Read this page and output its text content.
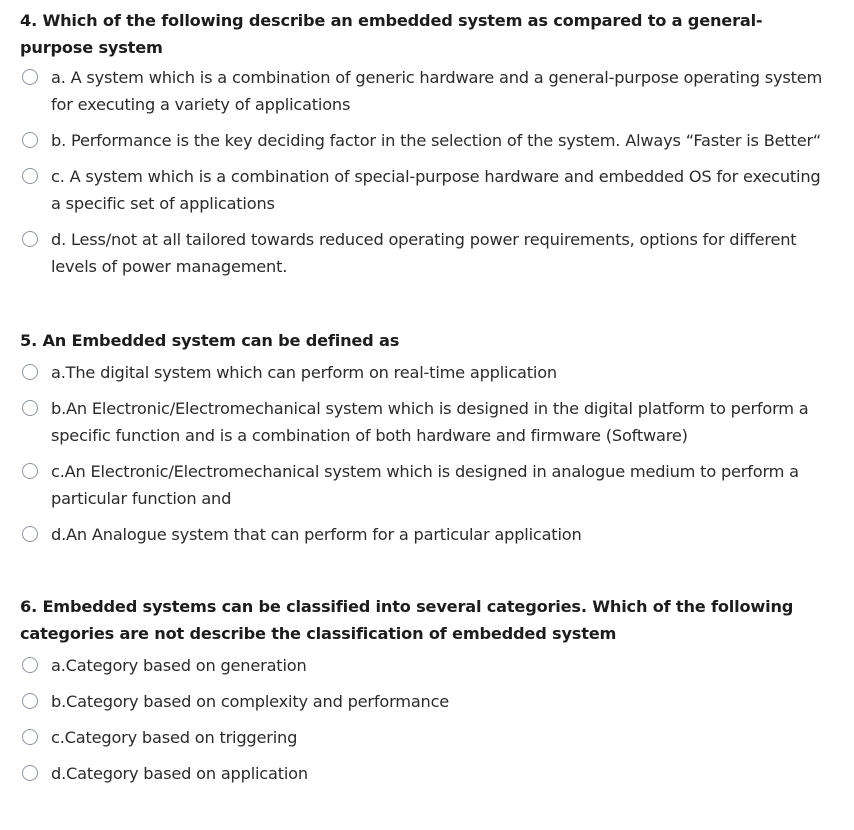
4. Which of the following describe an embedded system as compared to a general-purpose system

a. A system which is a combination of generic hardware and a general-purpose operating system for executing a variety of applications
b. Performance is the key deciding factor in the selection of the system. Always “Faster is Better“
c. A system which is a combination of special-purpose hardware and embedded OS for executing a specific set of applications
d. Less/not at all tailored towards reduced operating power requirements, options for different levels of power management.

5. An Embedded system can be defined as

a.The digital system which can perform on real-time application
b.An Electronic/Electromechanical system which is designed in the digital platform to perform a specific function and is a combination of both hardware and firmware (Software)
c.An Electronic/Electromechanical system which is designed in analogue medium to perform a particular function and
d.An Analogue system that can perform for a particular application

6. Embedded systems can be classified into several categories. Which of the following categories are not describe the classification of embedded system

a.Category based on generation
b.Category based on complexity and performance
c.Category based on triggering
d.Category based on application
